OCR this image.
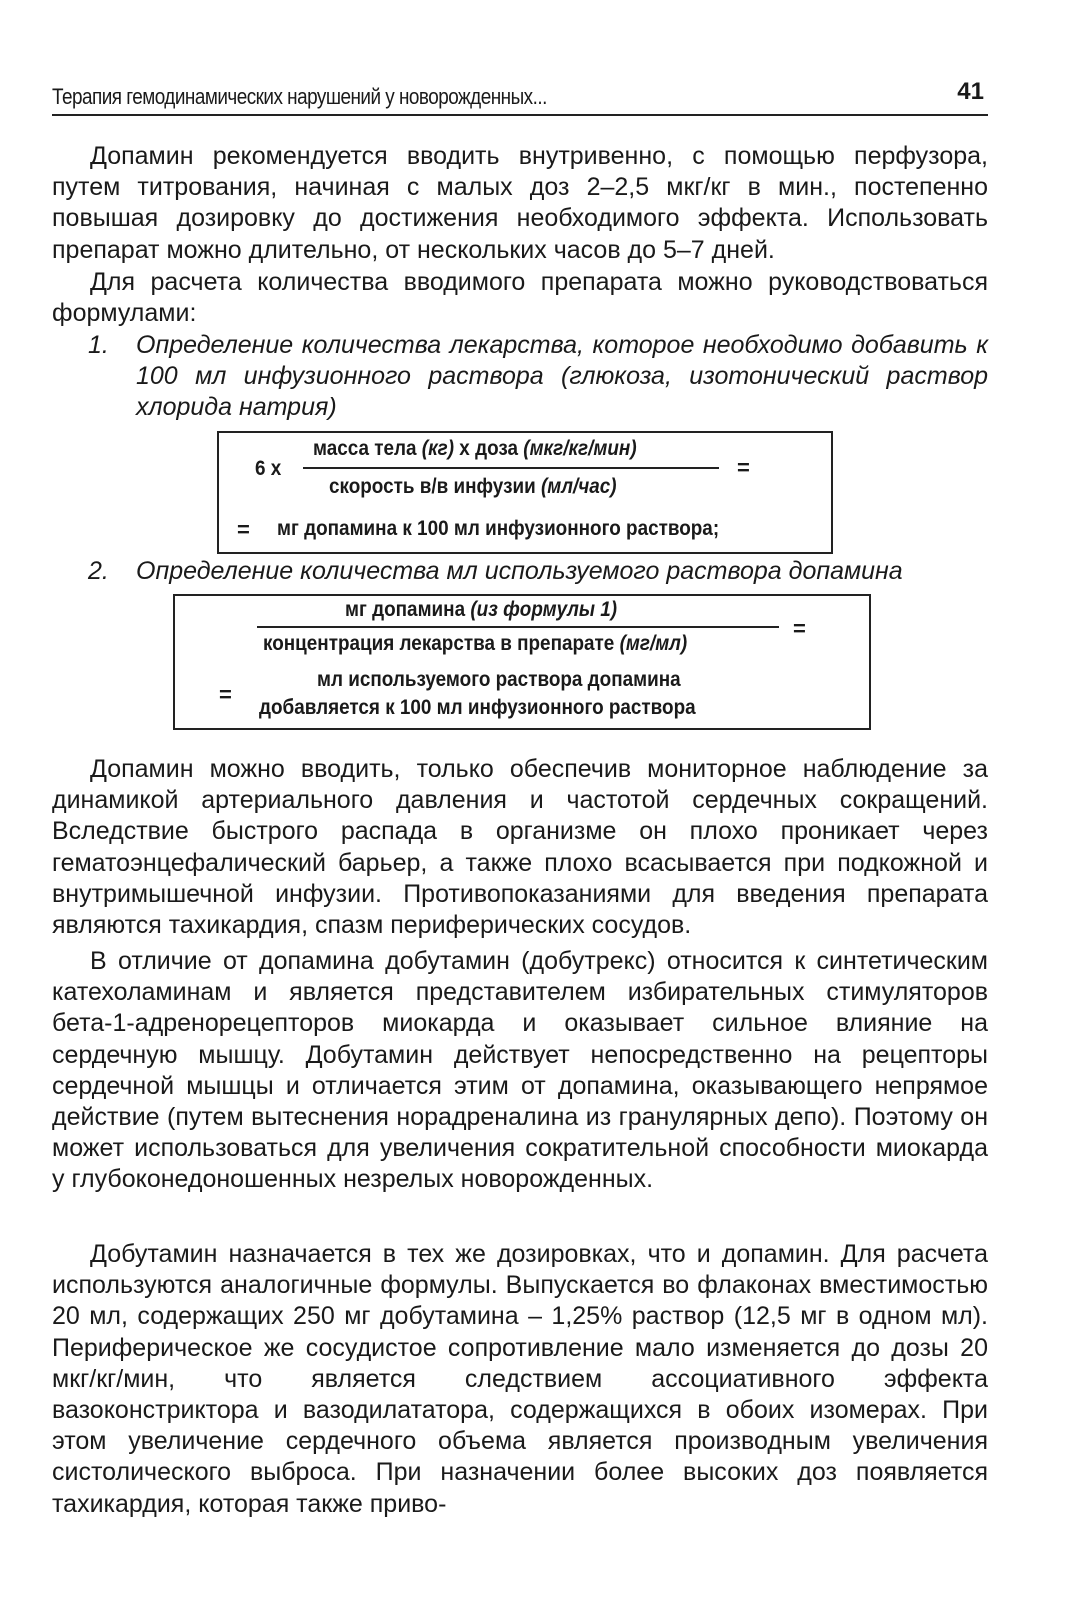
Терапия гемодинамических нарушений у новорожденных...	41

Допамин рекомендуется вводить внутривенно, с помощью перфузора, путем титрования, начиная с малых доз 2–2,5 мкг/кг в мин., постепенно повышая дозировку до достижения необходимого эффекта. Использовать препарат можно длительно, от нескольких часов до 5–7 дней.

Для расчета количества вводимого препарата можно руководствоваться формулами:

1. Определение количества лекарства, которое необходимо добавить к 100 мл инфузионного раствора (глюкоза, изотонический раствор хлорида натрия)
6 х
масса тела (кг) х доза (мкг/кг/мин)
скорость в/в инфузии (мл/час)
=
= мг допамина к 100 мл инфузионного раствора;
2. Определение количества мл используемого раствора допамина
мг допамина (из формулы 1)
концентрация лекарства в препарате (мг/мл)
=
=
мл используемого раствора допамина
добавляется к 100 мл инфузионного раствора

Допамин можно вводить, только обеспечив мониторное наблюдение за динамикой артериального давления и частотой сердечных сокращений. Вследствие быстрого распада в организме он плохо проникает через гематоэнцефалический барьер, а также плохо всасывается при подкожной и внутримышечной инфузии. Противопоказаниями для введения препарата являются тахикардия, спазм периферических сосудов.

В отличие от допамина добутамин (добутрекс) относится к синтетическим катехоламинам и является представителем избирательных стимуляторов бета-1-адренорецепторов миокарда и оказывает сильное влияние на сердечную мышцу. Добутамин действует непосредственно на рецепторы сердечной мышцы и отличается этим от допамина, оказывающего непрямое действие (путем вытеснения норадреналина из гранулярных депо). Поэтому он может использоваться для увеличения сократительной способности миокарда у глубоконедоношенных незрелых новорожденных.

Добутамин назначается в тех же дозировках, что и допамин. Для расчета используются аналогичные формулы. Выпускается во флаконах вместимостью 20 мл, содержащих 250 мг добутамина – 1,25% раствор (12,5 мг в одном мл). Периферическое же сосудистое сопротивление мало изменяется до дозы 20 мкг/кг/мин, что является следствием ассоциативного эффекта вазоконстриктора и вазодилататора, содержащихся в обоих изомерах. При этом увеличение сердечного объема является производным увеличения систолического выброса. При назначении более высоких доз появляется тахикардия, которая также приво-
